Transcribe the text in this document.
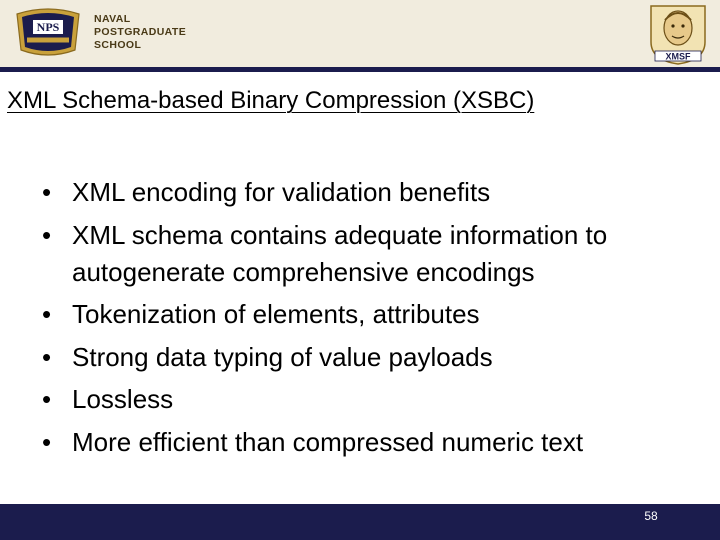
NPS
NAVAL
POSTGRADUATE
SCHOOL
XMSF
XML Schema-based Binary Compression (XSBC)
• XML encoding for validation benefits
• XML schema contains adequate information to autogenerate comprehensive encodings
• Tokenization of elements, attributes
• Strong data typing of value payloads
• Lossless
• More efficient than compressed numeric text
58
